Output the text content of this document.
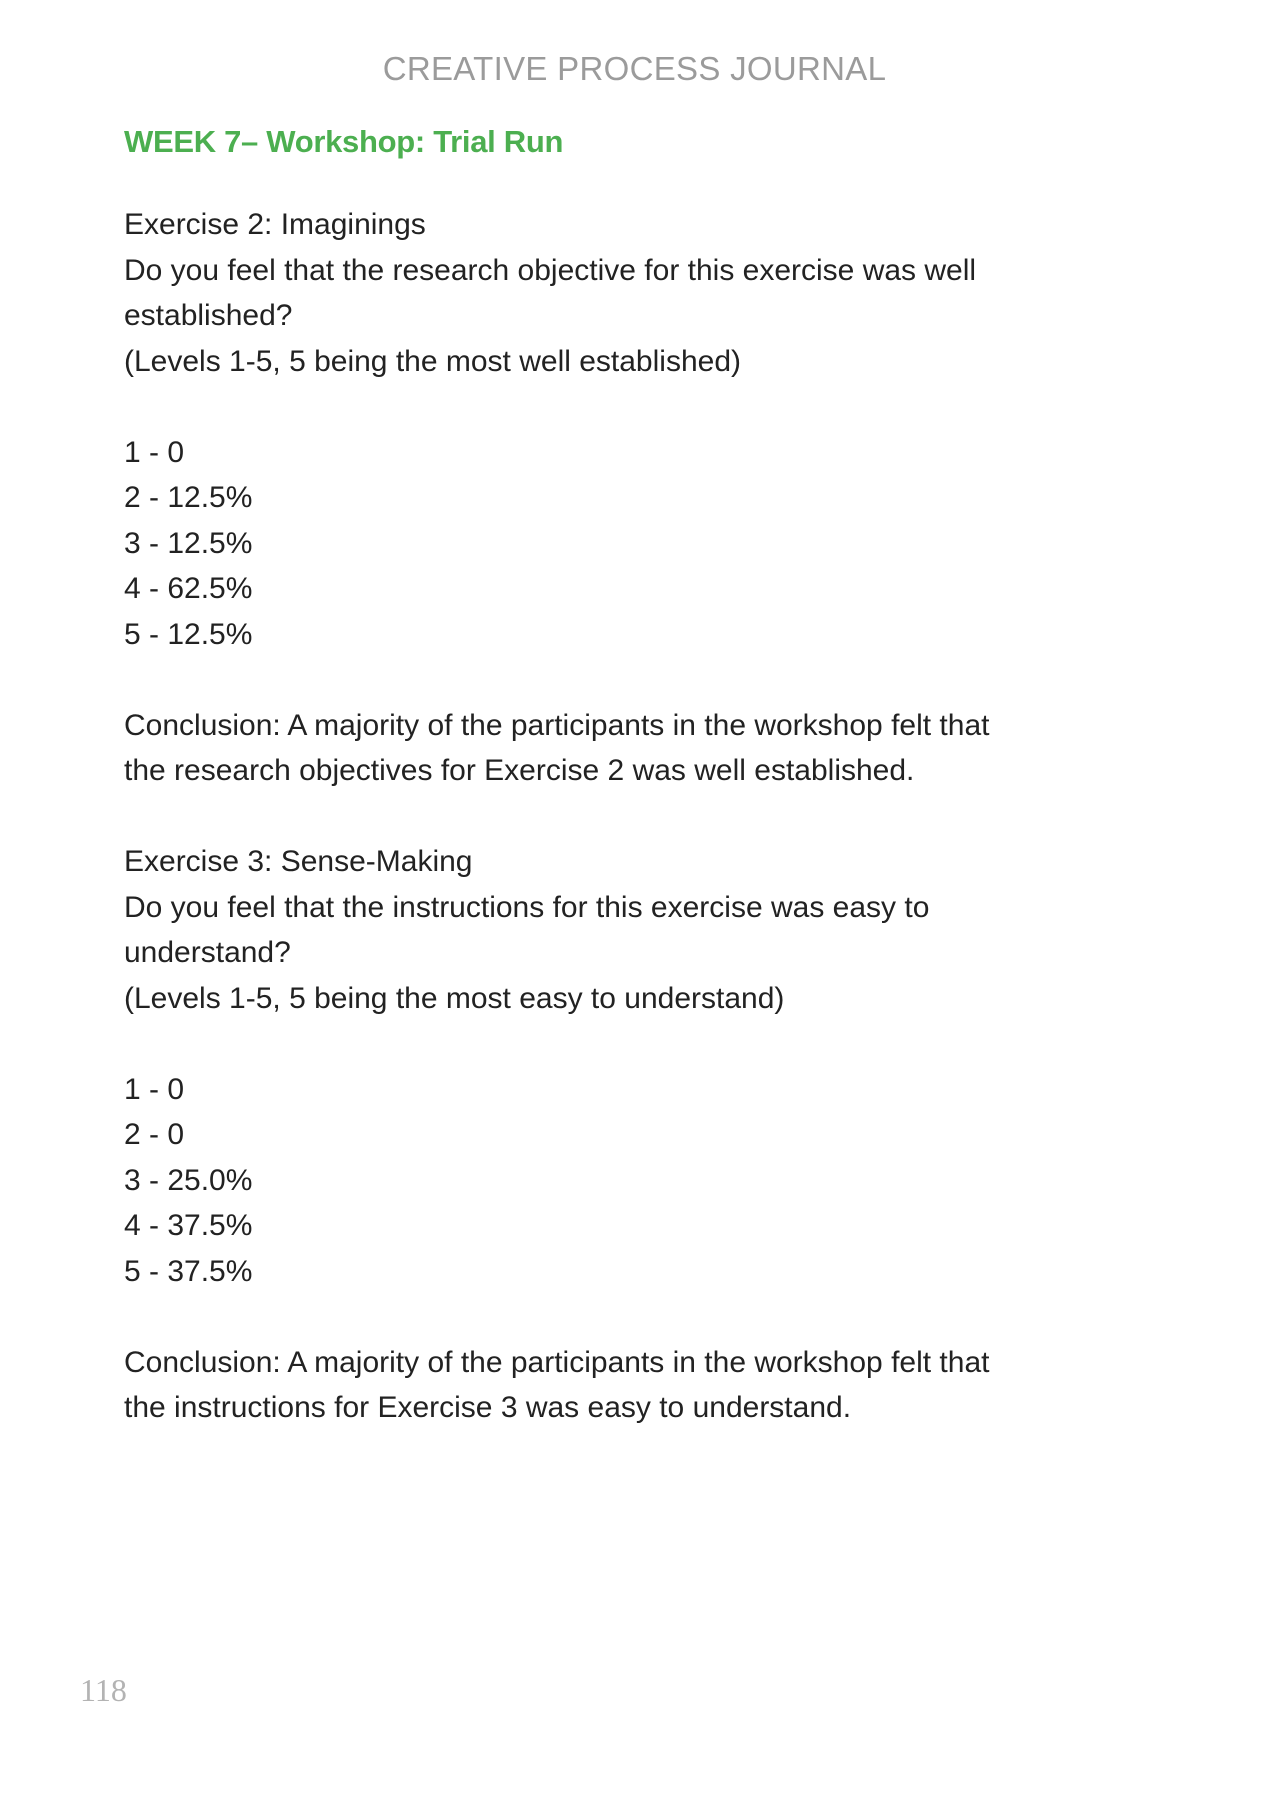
CREATIVE PROCESS JOURNAL
WEEK 7– Workshop: Trial Run

Exercise 2: Imaginings

Do you feel that the research objective for this exercise was well

established?

(Levels 1-5, 5 being the most well established)

1 - 0

2 - 12.5%

3 - 12.5%

4 - 62.5%

5 - 12.5%

Conclusion: A majority of the participants in the workshop felt that

the research objectives for Exercise 2 was well established.

Exercise 3: Sense-Making

Do you feel that the instructions for this exercise was easy to

understand?

(Levels 1-5, 5 being the most easy to understand)

1 - 0

2 - 0

3 - 25.0%

4 - 37.5%

5 - 37.5%

Conclusion: A majority of the participants in the workshop felt that

the instructions for Exercise 3 was easy to understand.

118
